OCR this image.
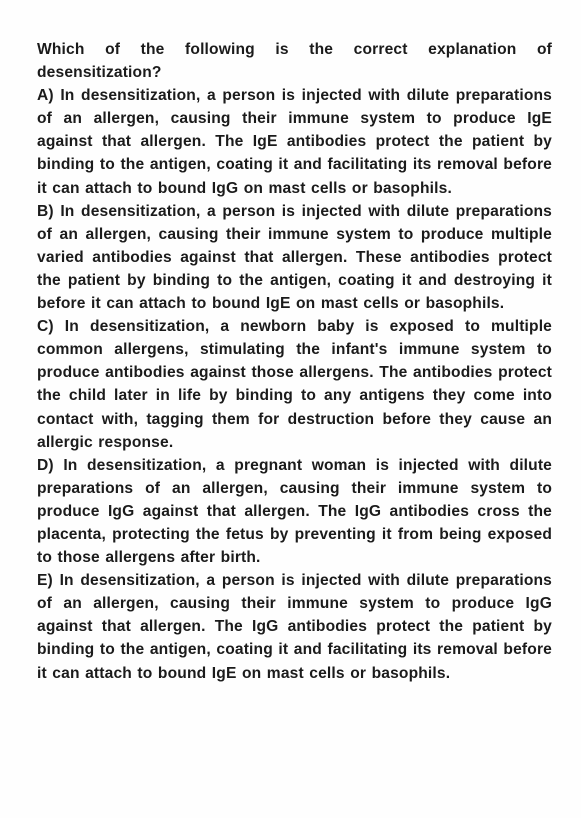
Which of the following is the correct explanation of desensitization?

A) In desensitization, a person is injected with dilute preparations of an allergen, causing their immune system to produce IgE against that allergen. The IgE antibodies protect the patient by binding to the antigen, coating it and facilitating its removal before it can attach to bound IgG on mast cells or basophils.

B) In desensitization, a person is injected with dilute preparations of an allergen, causing their immune system to produce multiple varied antibodies against that allergen. These antibodies protect the patient by binding to the antigen, coating it and destroying it before it can attach to bound IgE on mast cells or basophils.

C) In desensitization, a newborn baby is exposed to multiple common allergens, stimulating the infant's immune system to produce antibodies against those allergens. The antibodies protect the child later in life by binding to any antigens they come into contact with, tagging them for destruction before they cause an allergic response.

D) In desensitization, a pregnant woman is injected with dilute preparations of an allergen, causing their immune system to produce IgG against that allergen. The IgG antibodies cross the placenta, protecting the fetus by preventing it from being exposed to those allergens after birth.

E) In desensitization, a person is injected with dilute preparations of an allergen, causing their immune system to produce IgG against that allergen. The IgG antibodies protect the patient by binding to the antigen, coating it and facilitating its removal before it can attach to bound IgE on mast cells or basophils.
